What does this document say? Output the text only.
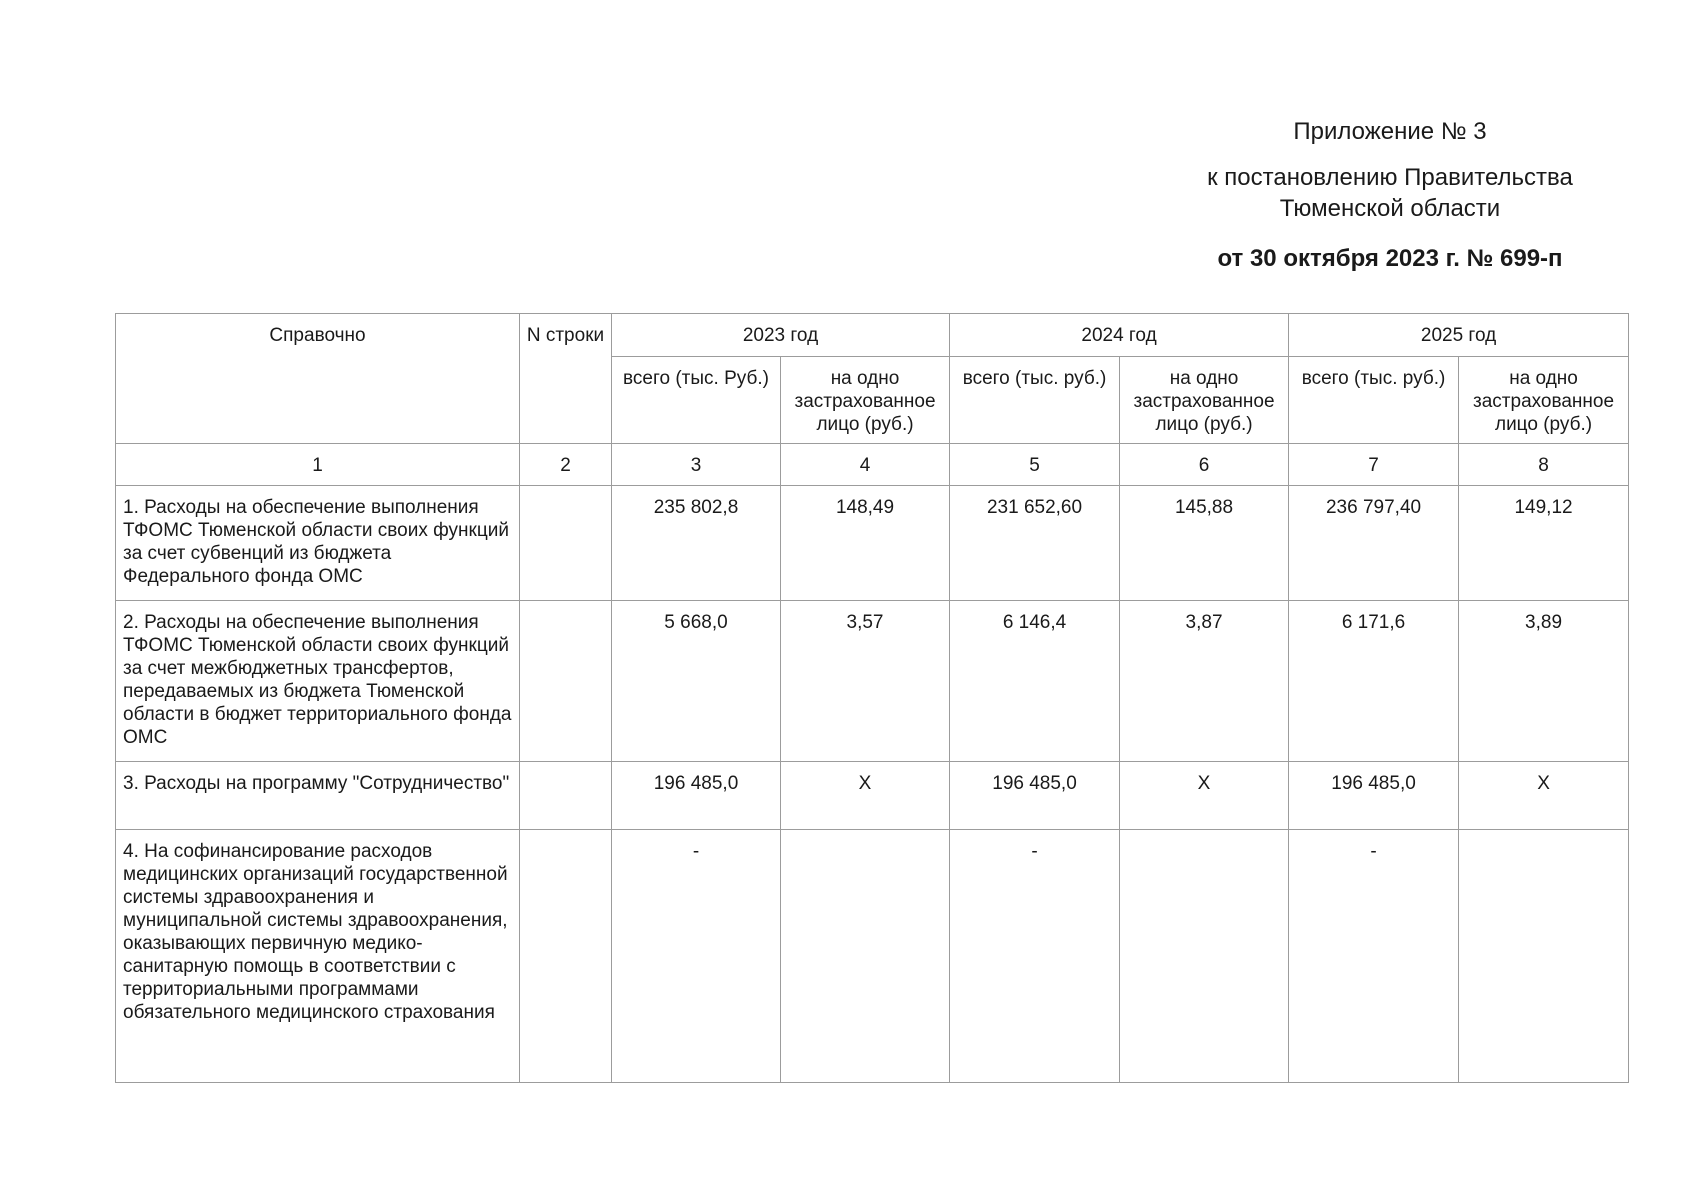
Приложение № 3
к постановлению Правительства
Тюменской области
от 30 октября 2023 г. № 699-п
Справочно	N строки	2023 год		2024 год		2025 год	
		всего (тыс. Руб.)	на одно застрахованное лицо (руб.)	всего (тыс. руб.)	на одно застрахованное лицо (руб.)	всего (тыс. руб.)	на одно застрахованное лицо (руб.)
1	2	3	4	5	6	7	8
1. Расходы на обеспечение выполнения ТФОМС Тюменской области своих функций за счет субвенций из бюджета Федерального фонда ОМС		235 802,8	148,49	231 652,60	145,88	236 797,40	149,12
2. Расходы на обеспечение выполнения ТФОМС Тюменской области своих функций за счет межбюджетных трансфертов, передаваемых из бюджета Тюменской области в бюджет территориального фонда ОМС		5 668,0	3,57	6 146,4	3,87	6 171,6	3,89
3. Расходы на программу "Сотрудничество"		196 485,0	X	196 485,0	X	196 485,0	X
4. На софинансирование расходов медицинских организаций государственной системы здравоохранения и муниципальной системы здравоохранения, оказывающих первичную медико-санитарную помощь в соответствии с территориальными программами обязательного медицинского страхования		-		-		-	
